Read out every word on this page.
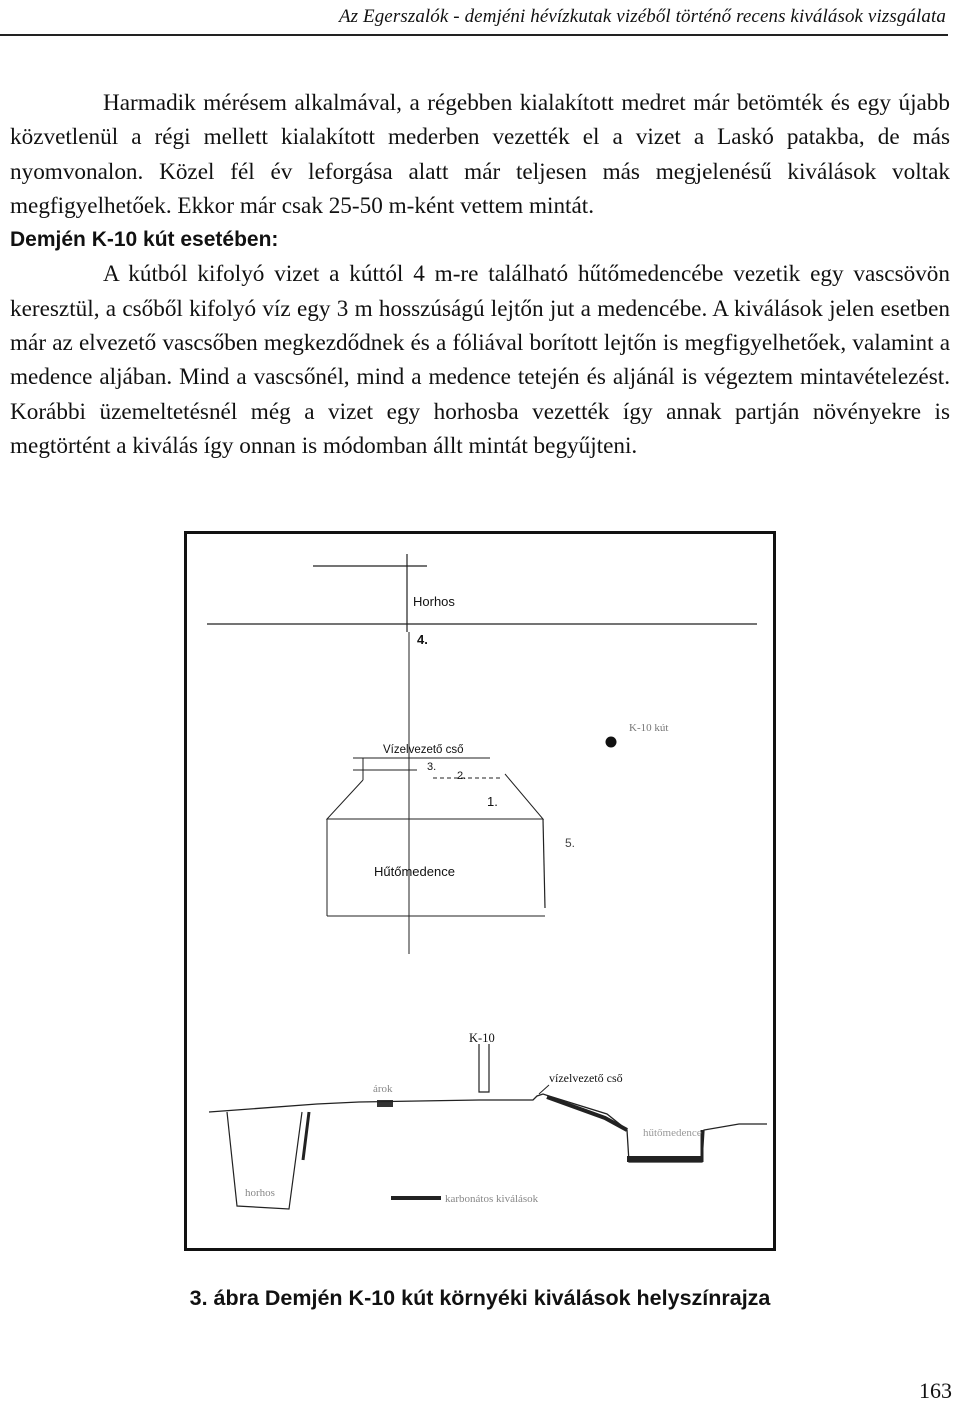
Az Egerszalók - demjéni hévízkutak vizéből történő recens kiválások vizsgálata

Harmadik mérésem alkalmával, a régebben kialakított medret már betömték és egy újabb közvetlenül a régi mellett kialakított mederben vezették el a vizet a Laskó patakba, de más nyomvonalon. Közel fél év leforgása alatt már teljesen más megjelenésű kiválások voltak megfigyelhetőek. Ekkor már csak 25-50 m-ként vettem mintát.

Demjén K-10 kút esetében:

A kútból kifolyó vizet a kúttól 4 m-re található hűtőmedencébe vezetik egy vascsövön keresztül, a csőből kifolyó víz egy 3 m hosszúságú lejtőn jut a medencébe. A kiválások jelen esetben már az elvezető vascsőben megkezdődnek és a fóliával borított lejtőn is megfigyelhetőek, valamint a medence aljában. Mind a vascsőnél, mind a medence tetején és aljánál is végeztem mintavételezést. Korábbi üzemeltetésnél még a vizet egy horhosba vezették így annak partján növényekre is megtörtént a kiválás így onnan is módomban állt mintát begyűjteni.

Horhos
4.
K-10 kút
Vízelvezető cső
3.
2.
1.
5.
Hűtőmedence
K-10
vízelvezető cső
árok
hűtőmedence
horhos	karbonátos kiválások
3. ábra Demjén K-10 kút környéki kiválások helyszínrajza
163
